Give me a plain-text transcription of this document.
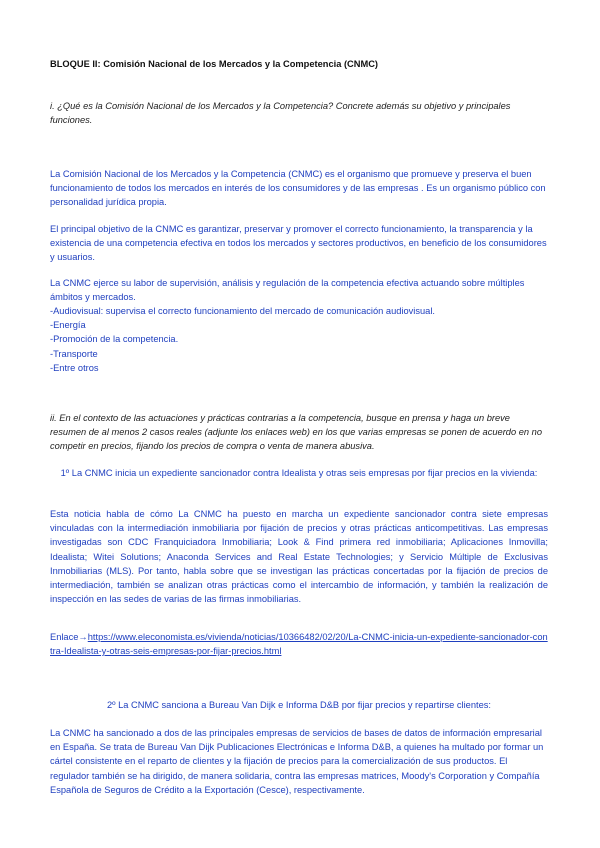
BLOQUE II: Comisión Nacional de los Mercados y la Competencia (CNMC)

i. ¿Qué es la Comisión Nacional de los Mercados y la Competencia? Concrete además su objetivo y principales funciones.

La Comisión Nacional de los Mercados y la Competencia (CNMC) es el organismo que promueve y preserva el buen funcionamiento de todos los mercados en interés de los consumidores y de las empresas . Es un organismo público con personalidad jurídica propia.

El principal objetivo de la CNMC es garantizar, preservar y promover el correcto funcionamiento, la transparencia y la existencia de una competencia efectiva en todos los mercados y sectores productivos, en beneficio de los consumidores y usuarios.

La CNMC ejerce su labor de supervisión, análisis y regulación de la competencia efectiva actuando sobre múltiples ámbitos y mercados.

-Audiovisual: supervisa el correcto funcionamiento del mercado de comunicación audiovisual.
-Energía
-Promoción de la competencia.
-Transporte
-Entre otros

ii. En el contexto de las actuaciones y prácticas contrarias a la competencia, busque en prensa y haga un breve resumen de al menos 2 casos reales (adjunte los enlaces web) en los que varias empresas se ponen de acuerdo en no competir en precios, fijando los precios de compra o venta de manera abusiva.

1º La CNMC inicia un expediente sancionador contra Idealista y otras seis empresas por fijar precios en la vivienda:

Esta noticia habla de cómo La CNMC ha puesto en marcha un expediente sancionador contra siete empresas vinculadas con la intermediación inmobiliaria por fijación de precios y otras prácticas anticompetitivas. Las empresas investigadas son CDC Franquiciadora Inmobiliaria; Look & Find primera red inmobiliaria; Aplicaciones Inmovilla; Idealista; Witei Solutions; Anaconda Services and Real Estate Technologies; y Servicio Múltiple de Exclusivas Inmobiliarias (MLS). Por tanto, habla sobre que se investigan las prácticas concertadas por la fijación de precios de intermediación, también se analizan otras prácticas como el intercambio de información, y también la realización de inspección en las sedes de varias de las firmas inmobiliarias.

Enlace→https://www.eleconomista.es/vivienda/noticias/10366482/02/20/La-CNMC-inicia-un-expediente-sancionador-contra-Idealista-y-otras-seis-empresas-por-fijar-precios.html

2º La CNMC sanciona a Bureau Van Dijk e Informa D&B por fijar precios y repartirse clientes:

La CNMC ha sancionado a dos de las principales empresas de servicios de bases de datos de información empresarial en España. Se trata de Bureau Van Dijk Publicaciones Electrónicas e Informa D&B, a quienes ha multado por formar un cártel consistente en el reparto de clientes y la fijación de precios para la comercialización de sus productos. El regulador también se ha dirigido, de manera solidaria, contra las empresas matrices, Moody's Corporation y Compañía Española de Seguros de Crédito a la Exportación (Cesce), respectivamente.
